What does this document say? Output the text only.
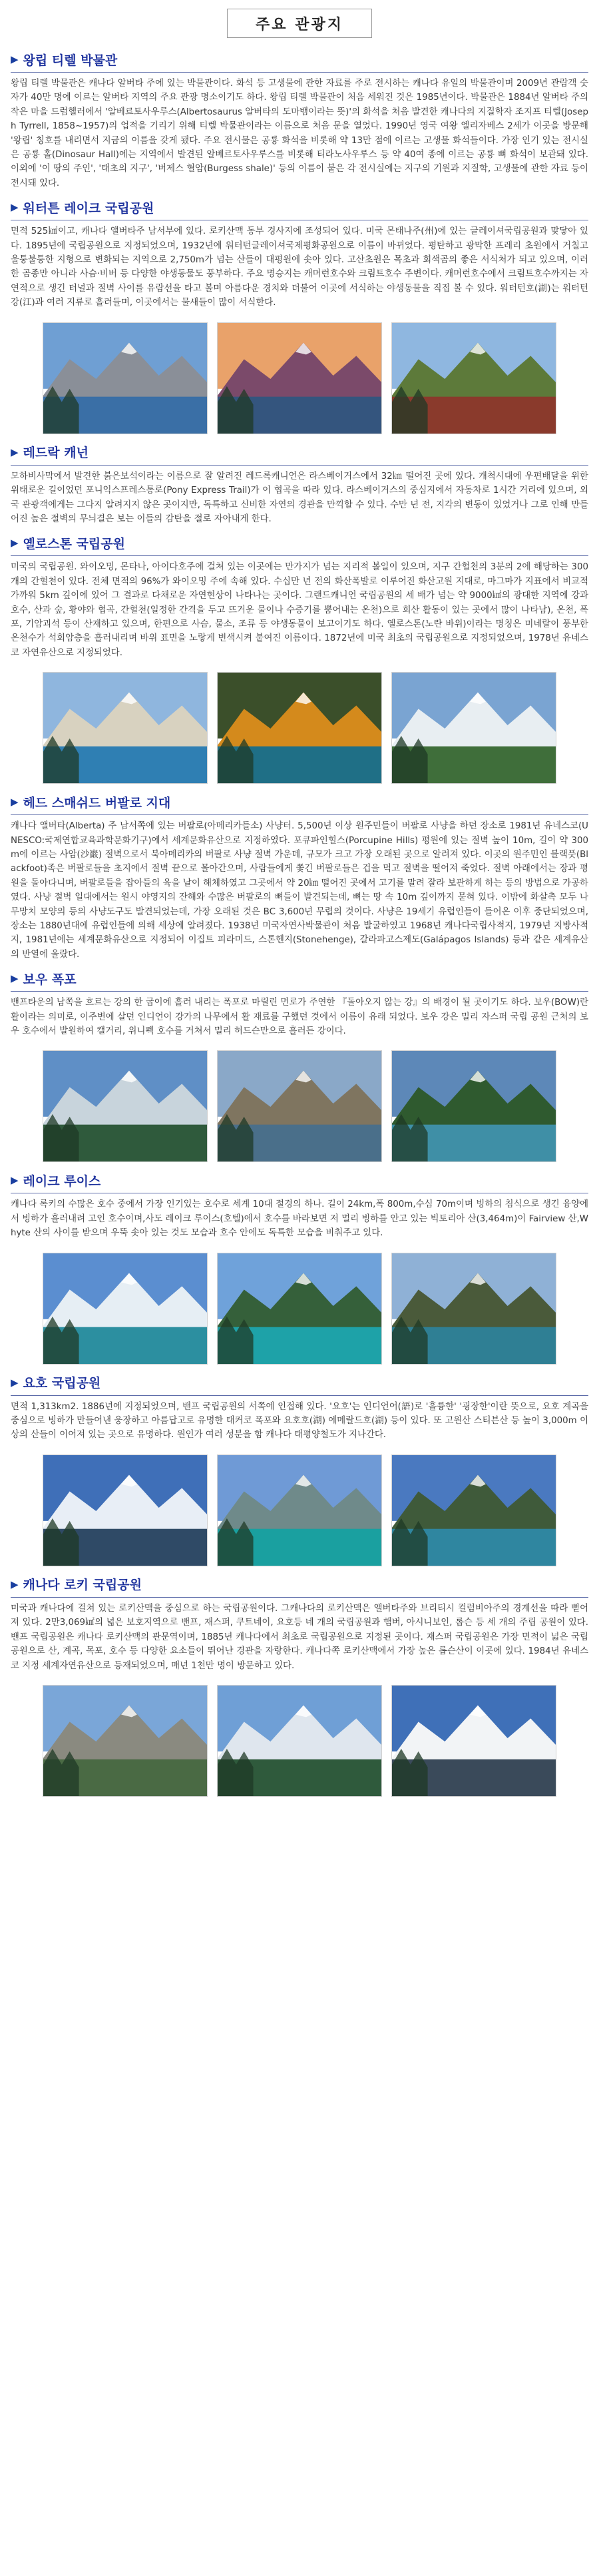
주요 관광지
▶ 왕립 티렐 박물관

왕립 티렐 박물관은 캐나다 알버타 주에 있는 박물관이다. 화석 등 고생물에 관한 자료를 주로 전시하는 캐나다 유일의 박물관이며 2009년 관람객 숫자가 40만 명에 이르는 알버타 지역의 주요 관광 명소이기도 하다. 왕립 티렐 박물관이 처음 세워진 것은 1985년이다. 박물관은 1884년 알버타 주의 작은 마을 드럼헬러에서 '알베르토사우루스(Albertosaurus 알버타의 도마뱀이라는 뜻)'의 화석을 처음 발견한 캐나다의 지질학자 조지프 티렐(Joseph Tyrrell, 1858~1957)의 업적을 기리기 위해 티렐 박물관이라는 이름으로 처음 문을 열었다. 1990년 영국 여왕 엘리자베스 2세가 이곳을 방문해 '왕립' 칭호를 내리면서 지금의 이름을 갖게 됐다. 주요 전시물은 공룡 화석을 비롯해 약 13만 점에 이르는 고생물 화석들이다. 가장 인기 있는 전시실은 공룡 홀(Dinosaur Hall)에는 지역에서 발견된 알베르토사우루스를 비롯해 티라노사우루스 등 약 40여 종에 이르는 공룡 뼈 화석이 보관돼 있다. 이외에 '이 땅의 주인', '태초의 지구', '버제스 혈암(Burgess shale)' 등의 이름이 붙은 각 전시실에는 지구의 기원과 지질학, 고생물에 관한 자료 등이 전시돼 있다.

▶ 워터튼 레이크 국립공원

면적 525㎢이고, 캐나다 앨버타주 남서부에 있다. 로키산맥 동부 경사지에 조성되어 있다. 미국 몬태나주(州)에 있는 글레이셔국립공원과 맞닿아 있다. 1895년에 국립공원으로 지정되었으며, 1932년에 워터턴글레이셔국제평화공원으로 이름이 바뀌었다. 평탄하고 광막한 프레리 초원에서 거칠고 울퉁불퉁한 지형으로 변화되는 지역으로 2,750m가 넘는 산들이 대평원에 솟아 있다. 고산초원은 목초과 회색곰의 좋은 서식처가 되고 있으며, 이러한 곰종만 아니라 사슴·비버 등 다양한 야생동물도 풍부하다. 주요 명승지는 캐머런호수와 크림트호수 주변이다. 캐머런호수에서 크림트호수까지는 자연적으로 생긴 터널과 절벽 사이를 유람선을 타고 볼며 아름다운 경치와 더불어 이곳에 서식하는 야생동물을 직접 볼 수 있다. 워터턴호(湖)는 워터턴강(江)과 여러 지류로 흘러들며, 이곳에서는 물새들이 많이 서식한다.

▶ 레드락 캐넌

모하비사막에서 발견한 붉은보석이라는 이름으로 잘 알려진 레드록캐니언은 라스베이거스에서 32㎞ 떨어진 곳에 있다. 개척시대에 우편배달을 위한 위태로운 길이었던 포니익스프레스통로(Pony Express Trail)가 이 협곡을 따라 있다. 라스베이거스의 중심지에서 자동차로 1시간 거리에 있으며, 외국 관광객에게는 그다지 알려지지 않은 곳이지만, 독특하고 신비한 자연의 경관을 만끽할 수 있다. 수만 년 전, 지각의 변동이 있었거나 그로 인해 만들어진 높은 절벽의 무늬결은 보는 이들의 감탄을 절로 자아내게 한다.

▶ 옐로스톤 국립공원

미국의 국립공원. 와이오밍, 몬타나, 아이다호주에 걸쳐 있는 이곳에는 만가지가 넘는 지리적 볼일이 있으며, 지구 간헐천의 3분의 2에 해당하는 300개의 간헐천이 있다. 전체 면적의 96%가 와이오밍 주에 속해 있다. 수십만 년 전의 화산폭발로 이루어진 화산고원 지대로, 마그마가 지표에서 비교적 가까워 5km 깊이에 있어 그 결과로 다채로운 자연현상이 나타나는 곳이다. 그랜드캐니언 국립공원의 세 배가 넘는 약 9000㎢의 광대한 지역에 강과 호수, 산과 숲, 황야와 협곡, 간헐천(일정한 간격을 두고 뜨거운 물이나 수증기를 뿜어내는 온천)으로 희산 활동이 있는 곳에서 많이 나타남), 온천, 폭포, 기암괴석 등이 산재하고 있으며, 한편으로 사슴, 물소, 조류 등 야생동물이 보고이기도 하다. 옐로스톤(노란 바위)이라는 명칭은 미네랄이 풍부한 온천수가 석회암층을 흘러내리며 바위 표면을 노랗게 변색시켜 붙여진 이름이다. 1872년에 미국 최초의 국립공원으로 지정되었으며, 1978년 유네스코 자연유산으로 지정되었다.

▶ 헤드 스매쉬드 버팔로 지대

캐나다 앨버타(Alberta) 주 남서쪽에 있는 버팔로(아메리카들소) 사냥터. 5,500년 이상 원주민들이 버팔로 사냥을 하던 장소로 1981년 유네스코(UNESCO:국제연합교육과학문화기구)에서 세계문화유산으로 지정하였다. 포큐파인힐스(Porcupine Hills) 평원에 있는 절벽 높이 10m, 길이 약 300m에 이르는 사암(沙巖) 절벽으로서 북아메리카의 버팔로 사냥 절벽 가운데, 규모가 크고 가장 오래된 곳으로 알려져 있다. 이곳의 원주민인 블랙풋(Blackfoot)족은 버팔로들을 초지에서 절벽 끝으로 몰아간으며, 사람들에게 쫓긴 버팔로들은 겁을 먹고 절벽을 떨어져 죽었다. 절벽 아래에서는 장과 평원을 돌아다니며, 버팔로들을 잡아들의 육을 날이 해체하였고 그곳에서 약 20㎞ 떨어진 곳에서 고기를 말려 잘라 보관하게 하는 등의 방법으로 가공하였다. 사냥 절벽 일대에서는 원시 야영지의 잔해와 수많은 버팔로의 뼈들이 발견되는데, 뼈는 땅 속 10m 깊이까지 묻혀 있다. 이밖에 화살촉 모두 나무망치 모양의 등의 사냥도구도 발견되었는데, 가장 오래된 것은 BC 3,600년 무렵의 것이다. 사냥은 19세기 유럽인들이 들어온 이후 중단되었으며, 장소는 1880년대에 유럽인들에 의해 세상에 알려졌다. 1938년 미국자연사박물관이 처음 발굴하였고 1968년 캐나다국립사적지, 1979년 지방사적지, 1981년에는 세계문화유산으로 지정되어 이집트 피라미드, 스톤헨지(Stonehenge), 갈라파고스제도(Galápagos Islands) 등과 같은 세계유산의 반열에 올랐다.

▶ 보우 폭포

밴프타운의 남쪽을 흐르는 강의 한 굽이에 흘러 내리는 폭포로 마릴린 먼로가 주연한 『돌아오지 않는 강』의 배경이 될 곳이기도 하다. 보우(BOW)란 활이라는 의미로, 이주변에 살던 인디언이 강가의 나무에서 활 재료를 구했던 것에서 이름이 유래 되었다. 보우 강은 밀리 자스퍼 국립 공원 근처의 보우 호수에서 발원하여 캘거리, 위니펙 호수를 거쳐서 멀리 허드슨만으로 흘러든 강이다.

▶ 레이크 루이스

캐나다 록키의 수많은 호수 중에서 가장 인기있는 호수로 세계 10대 절경의 하나. 길이 24km,폭 800m,수심 70m이며 빙하의 침식으로 생긴 융양에서 빙하가 흘러내려 고인 호수이며,사도 레이크 루이스(호텔)에서 호수를 바라보면 저 멀리 빙하를 안고 있는 빅토리아 산(3,464m)이 Fairview 산,Whyte 산의 사이를 받으며 우뚝 솟아 있는 것도 모습과 호수 안에도 독특한 모습을 비춰주고 있다.

▶ 요호 국립공원

면적 1,313km2. 1886년에 지정되었으며, 밴프 국립공원의 서쪽에 인접해 있다. '요호'는 인디언어(語)로 '흘륭한' '굉장한'이란 뜻으로, 요호 계곡을 중심으로 빙하가 만들어낸 웅장하고 아름답고로 유명한 태커코 폭포와 요호호(湖) 에메랄드호(湖) 등이 있다. 또 고원산 스티븐산 등 높이 3,000m 이상의 산들이 이어져 있는 곳으로 유명하다. 원인가 여러 성분을 함 캐나다 태평양철도가 지나간다.

▶ 캐나다 로키 국립공원

미국과 캐나다에 걸쳐 있는 로키산맥을 중심으로 하는 국립공원이다. 그캐나다의 로키산맥은 앨버타주와 브리티시 컬럼비아주의 경계선을 따라 뻗어져 있다. 2만3,069㎢의 넓은 보호지역으로 밴프, 재스퍼, 쿠트네이, 요호등 네 개의 국립공원과 햄버, 아시니보인, 롭슨 등 세 개의 주립 공원이 있다. 밴프 국립공원은 캐나다 로키산맥의 관문역이며, 1885년 캐나다에서 최초로 국립공원으로 지정된 곳이다. 재스퍼 국립공원은 가장 면적이 넓은 국립공원으로 산, 계곡, 목포, 호수 등 다양한 요소들이 뛰어난 경관을 자랑한다. 캐나다쪽 로키산맥에서 가장 높은 롭슨산이 이곳에 있다. 1984년 유네스코 지정 세계자연유산으로 등재되었으며, 매년 1천만 명이 방문하고 있다.
